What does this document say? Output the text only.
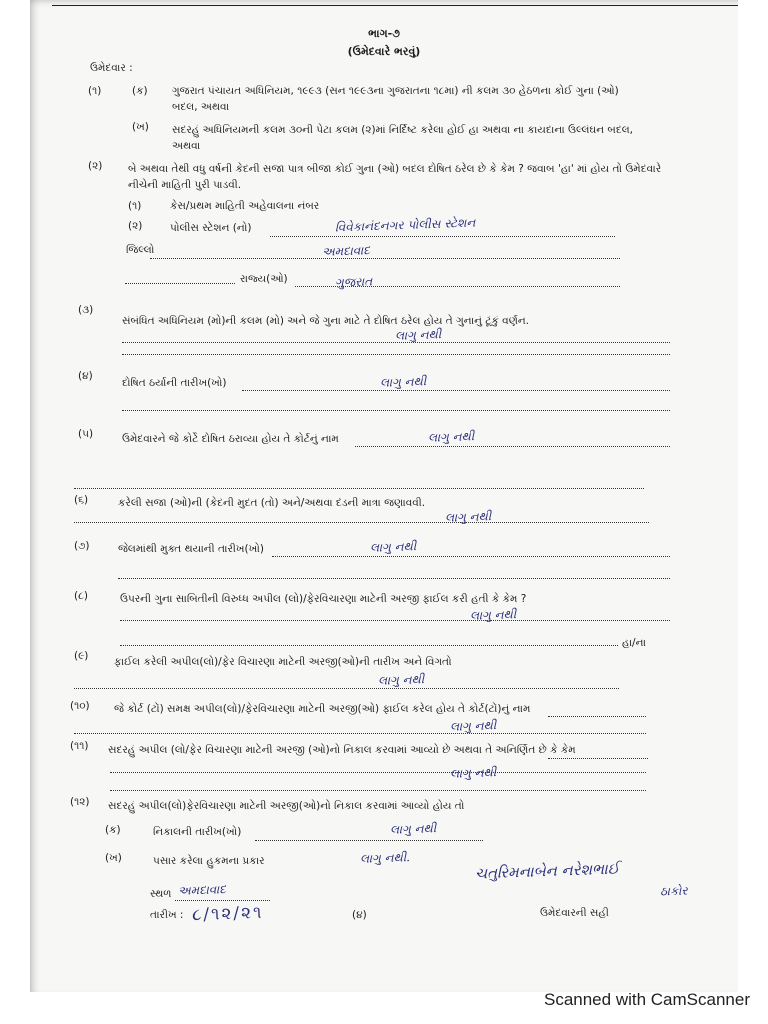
ભાગ-૭
(ઉમેદવારે ભરવું)
ઉમેદવાર :
(૧)	(ક) ગુજરાત પંચાયત અધિનિયમ, ૧૯૯૩ (સન ૧૯૯૩ના ગુજરાતના ૧૮મા) ની કલમ ૩૦ હેઠળના કોઈ ગુના (ઓ)
બદલ, અથવા
(ખ) સદરહું અધિનિયમની કલમ ૩૦ની પેટા કલમ (૨)માં નિર્દિષ્ટ કરેલા હોઈ હા અથવા ના કાયદાના ઉલ્લંઘન બદલ,
અથવા
(૨) બે અથવા તેથી વધુ વર્ષની કેદની સજા પાત્ર બીજા કોઈ ગુના (ઓ) બદલ દોષિત ઠરેલ છે કે કેમ ? જવાબ 'હા' માં હોય તો ઉમેદવારે
નીચેની માહિતી પુરી પાડવી.
(૧)	કેસ/પ્રથમ માહિતી અહેવાલના નંબર
(૨)	પોલીસ સ્ટેશન (નો)	વિવેકાનંદનગર પોલીસ સ્ટેશન
જિલ્લો	અમદાવાદ
રાજ્ય(ઓ)	ગુજરાત
(૩)
સંબંધિત અધિનિયમ (મો)ની કલમ (મો) અને જે ગુના માટે તે દોષિત ઠરેલ હોય તે ગુનાનું ટૂંકું વર્ણન.
લાગુ નથી
(૪)
દોષિત ઠર્યાની તારીખ(ખો)	લાગુ નથી
(૫)	ઉમેદવારને જે કોર્ટે દોષિત ઠરાવ્યા હોય તે કોર્ટનું નામ	લાગુ નથી
(૬)	કરેલી સજા (ઓ)ની (કેદની મુદત (તો) અને/અથવા દંડની માત્રા જણાવવી.
લાગુ નથી
(૭)	જેલમાંથી મુક્ત થયાની તારીખ(ખો)	લાગુ નથી
(૮)	ઉપરની ગુના સાબિતીની વિરુધ્ધ અપીલ (લો)/ફેરવિચારણા માટેની અરજી ફાઈલ કરી હતી કે કેમ ?
લાગુ નથી
હા/ના
(૯) ફાઈલ કરેલી અપીલ(લો)/ફેર વિચારણા માટેની અરજી(ઓ)ની તારીખ અને વિગતો
લાગુ નથી
(૧૦) જે કોર્ટ (ટોં) સમક્ષ અપીલ(લો)/ફેરવિચારણા માટેની અરજી(ઓ) ફાઈલ કરેલ હોય તે કોર્ટ(ટોં)નું નામ
લાગુ નથી
(૧૧) સદરહું અપીલ (લો/ફેર વિચારણા માટેની અરજી (ઓ)નો નિકાલ કરવામાં આવ્યો છે અથવા તે અનિર્ણિત છે કે કેમ
લાગુ નથી
(૧૨) સદરહું અપીલ(લો)ફેરવિચારણા માટેની અરજી(ઓ)નો નિકાલ કરવામાં આવ્યો હોય તો
(ક)	નિકાલની તારીખ(ખો)	લાગુ નથી
(ખ)	પસાર કરેલા હુકમના પ્રકાર	લાગુ નથી.
સ્થળ અમદાવાદ
તારીખ : ૮/૧૨/૨૧	(૪)
ચતુરિમનાબેન નરેશભાઈ
ઠાકોર
ઉમેદવારની સહી
Scanned with CamScanner
